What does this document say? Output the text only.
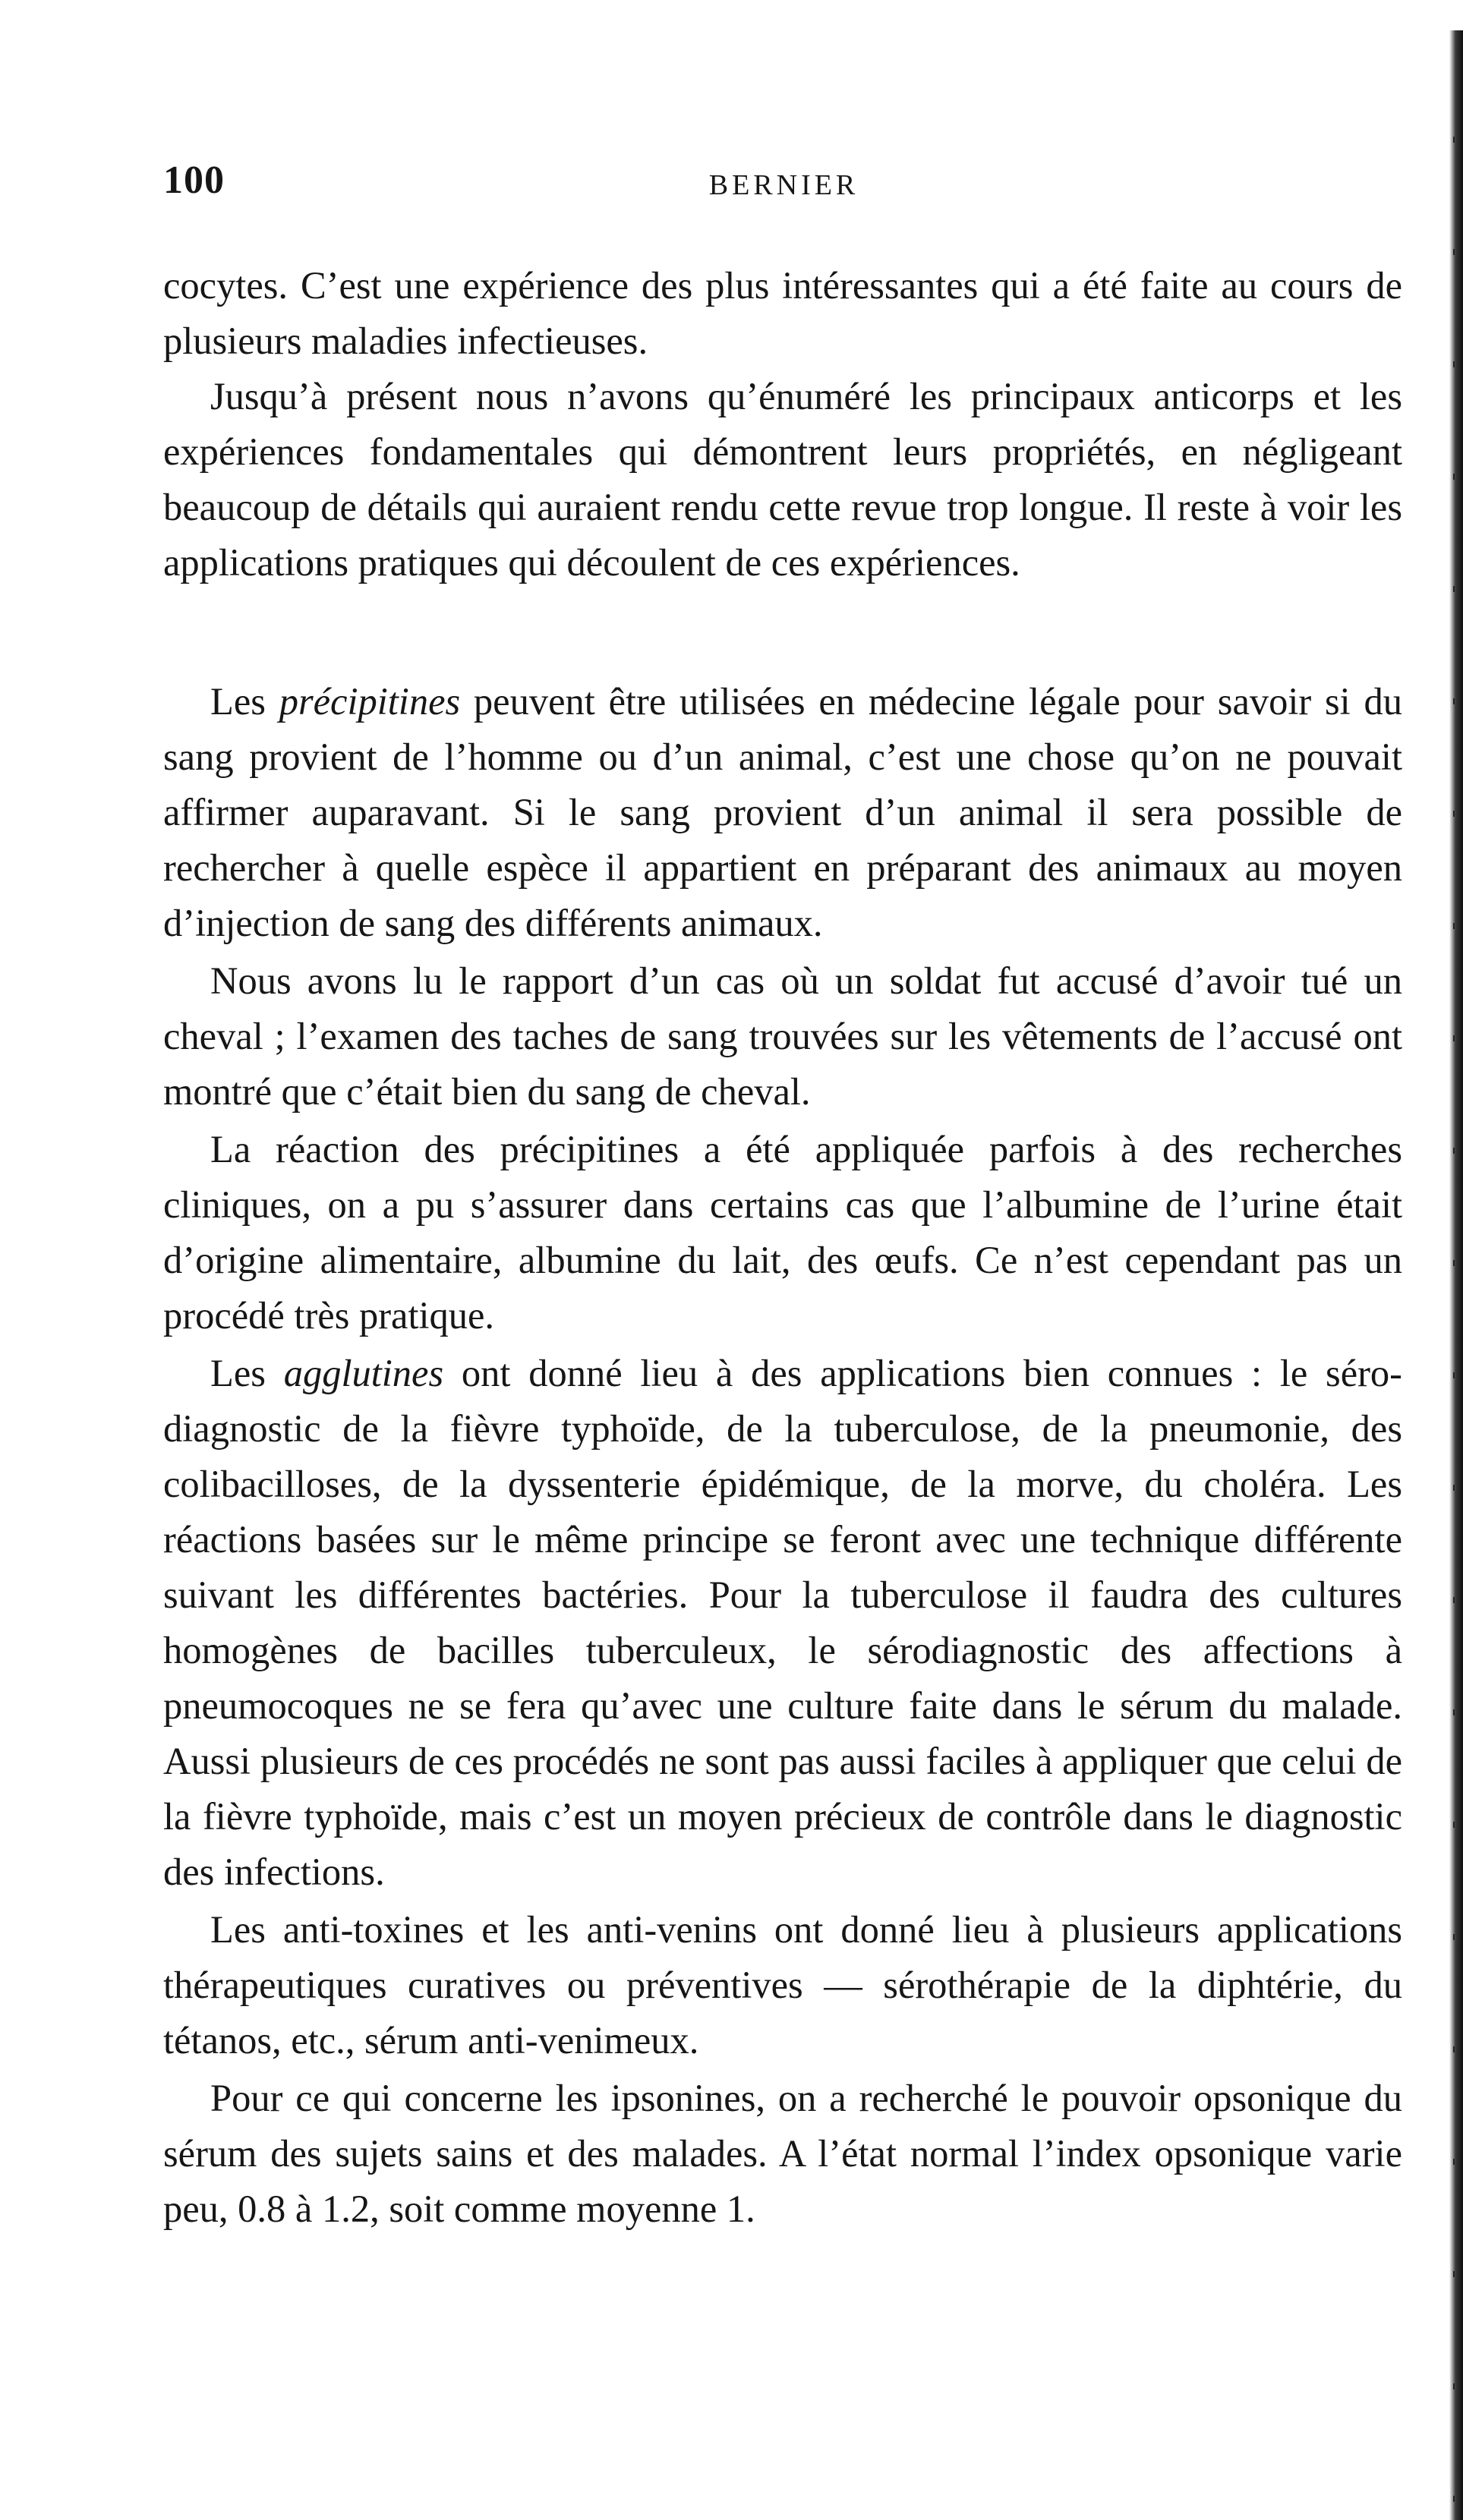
100	BERNIER

cocytes. C’est une expérience des plus intéressantes qui a été faite au cours de plusieurs maladies infectieuses.

Jusqu’à présent nous n’avons qu’énuméré les principaux anticorps et les expériences fondamentales qui démontrent leurs propriétés, en négligeant beaucoup de détails qui auraient rendu cette revue trop longue. Il reste à voir les applications pratiques qui découlent de ces expériences.

Les précipitines peuvent être utilisées en médecine légale pour savoir si du sang provient de l’homme ou d’un animal, c’est une chose qu’on ne pouvait affirmer auparavant. Si le sang provient d’un animal il sera possible de rechercher à quelle espèce il appartient en préparant des animaux au moyen d’injection de sang des différents animaux.

Nous avons lu le rapport d’un cas où un soldat fut accusé d’avoir tué un cheval ; l’examen des taches de sang trouvées sur les vêtements de l’accusé ont montré que c’était bien du sang de cheval.

La réaction des précipitines a été appliquée parfois à des recherches cliniques, on a pu s’assurer dans certains cas que l’albumine de l’urine était d’origine alimentaire, albumine du lait, des œufs. Ce n’est cependant pas un procédé très pratique.

Les agglutines ont donné lieu à des applications bien connues : le séro-diagnostic de la fièvre typhoïde, de la tuberculose, de la pneumonie, des colibacilloses, de la dyssenterie épidémique, de la morve, du choléra. Les réactions basées sur le même principe se feront avec une technique différente suivant les différentes bactéries. Pour la tuberculose il faudra des cultures homogènes de bacilles tuberculeux, le sérodiagnostic des affections à pneumocoques ne se fera qu’avec une culture faite dans le sérum du malade. Aussi plusieurs de ces procédés ne sont pas aussi faciles à appliquer que celui de la fièvre typhoïde, mais c’est un moyen précieux de contrôle dans le diagnostic des infections.

Les anti-toxines et les anti-venins ont donné lieu à plusieurs applications thérapeutiques curatives ou préventives — sérothérapie de la diphtérie, du tétanos, etc., sérum anti-venimeux.

Pour ce qui concerne les ipsonines, on a recherché le pouvoir opsonique du sérum des sujets sains et des malades. A l’état normal l’index opsonique varie peu, 0.8 à 1.2, soit comme moyenne 1.
